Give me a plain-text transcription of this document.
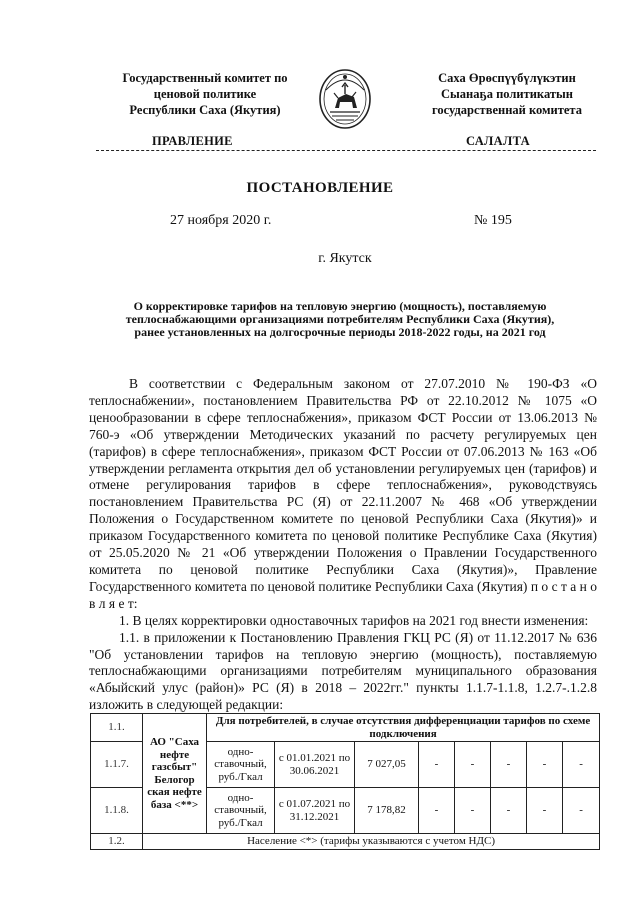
Государственный комитет по
ценовой политике
Республики Саха (Якутия)
Саха Өрөспүүбүлүкэтин
Сыанаҕа политикатын
государственнай комитета
ПРАВЛЕНИЕ	САЛАЛТА
ПОСТАНОВЛЕНИЕ
27 ноября 2020 г.	№ 195
г. Якутск
О корректировке тарифов на тепловую энергию (мощность), поставляемую теплоснабжающими организациями потребителям Республики Саха (Якутия), ранее установленных на долгосрочные периоды 2018-2022 годы, на 2021 год

В соответствии с Федеральным законом от 27.07.2010 № 190-ФЗ «О теплоснабжении», постановлением Правительства РФ от 22.10.2012 № 1075 «О ценообразовании в сфере теплоснабжения», приказом ФСТ России от 13.06.2013 № 760-э «Об утверждении Методических указаний по расчету регулируемых цен (тарифов) в сфере теплоснабжения», приказом ФСТ России от 07.06.2013 № 163 «Об утверждении регламента открытия дел об установлении регулируемых цен (тарифов) и отмене регулирования тарифов в сфере теплоснабжения», руководствуясь постановлением Правительства РС (Я) от 22.11.2007 № 468 «Об утверждении Положения о Государственном комитете по ценовой Республики Саха (Якутия)» и приказом Государственного комитета по ценовой политике Республике Саха (Якутия) от 25.05.2020 № 21 «Об утверждении Положения о Правлении Государственного комитета по ценовой политике Республики Саха (Якутия)», Правление Государственного комитета по ценовой политике Республики Саха (Якутия) п о с т а н о в л я е т:

1. В целях корректировки одноставочных тарифов на 2021 год внести изменения:

1.1. в приложении к Постановлению Правления ГКЦ РС (Я) от 11.12.2017 № 636 "Об установлении тарифов на тепловую энергию (мощность), поставляемую теплоснабжающими организациями потребителям муниципального образования «Абыйский улус (район)» РС (Я) в 2018 – 2022гг." пункты 1.1.7-1.1.8, 1.2.7-.1.2.8 изложить в следующей редакции:

1.1.	АО "Саха нефте газсбыт" Белогор ская нефте база <**>	Для потребителей, в случае отсутствия дифференциации тарифов по схеме подключения							
1.1.7.		одно- ставочный, руб./Гкал	с 01.01.2021 по 30.06.2021	7 027,05	-	-	-	-	-
1.1.8.		одно- ставочный, руб./Гкал	с 01.07.2021 по 31.12.2021	7 178,82	-	-	-	-	-
1.2.	Население <*> (тарифы указываются с учетом НДС)								
